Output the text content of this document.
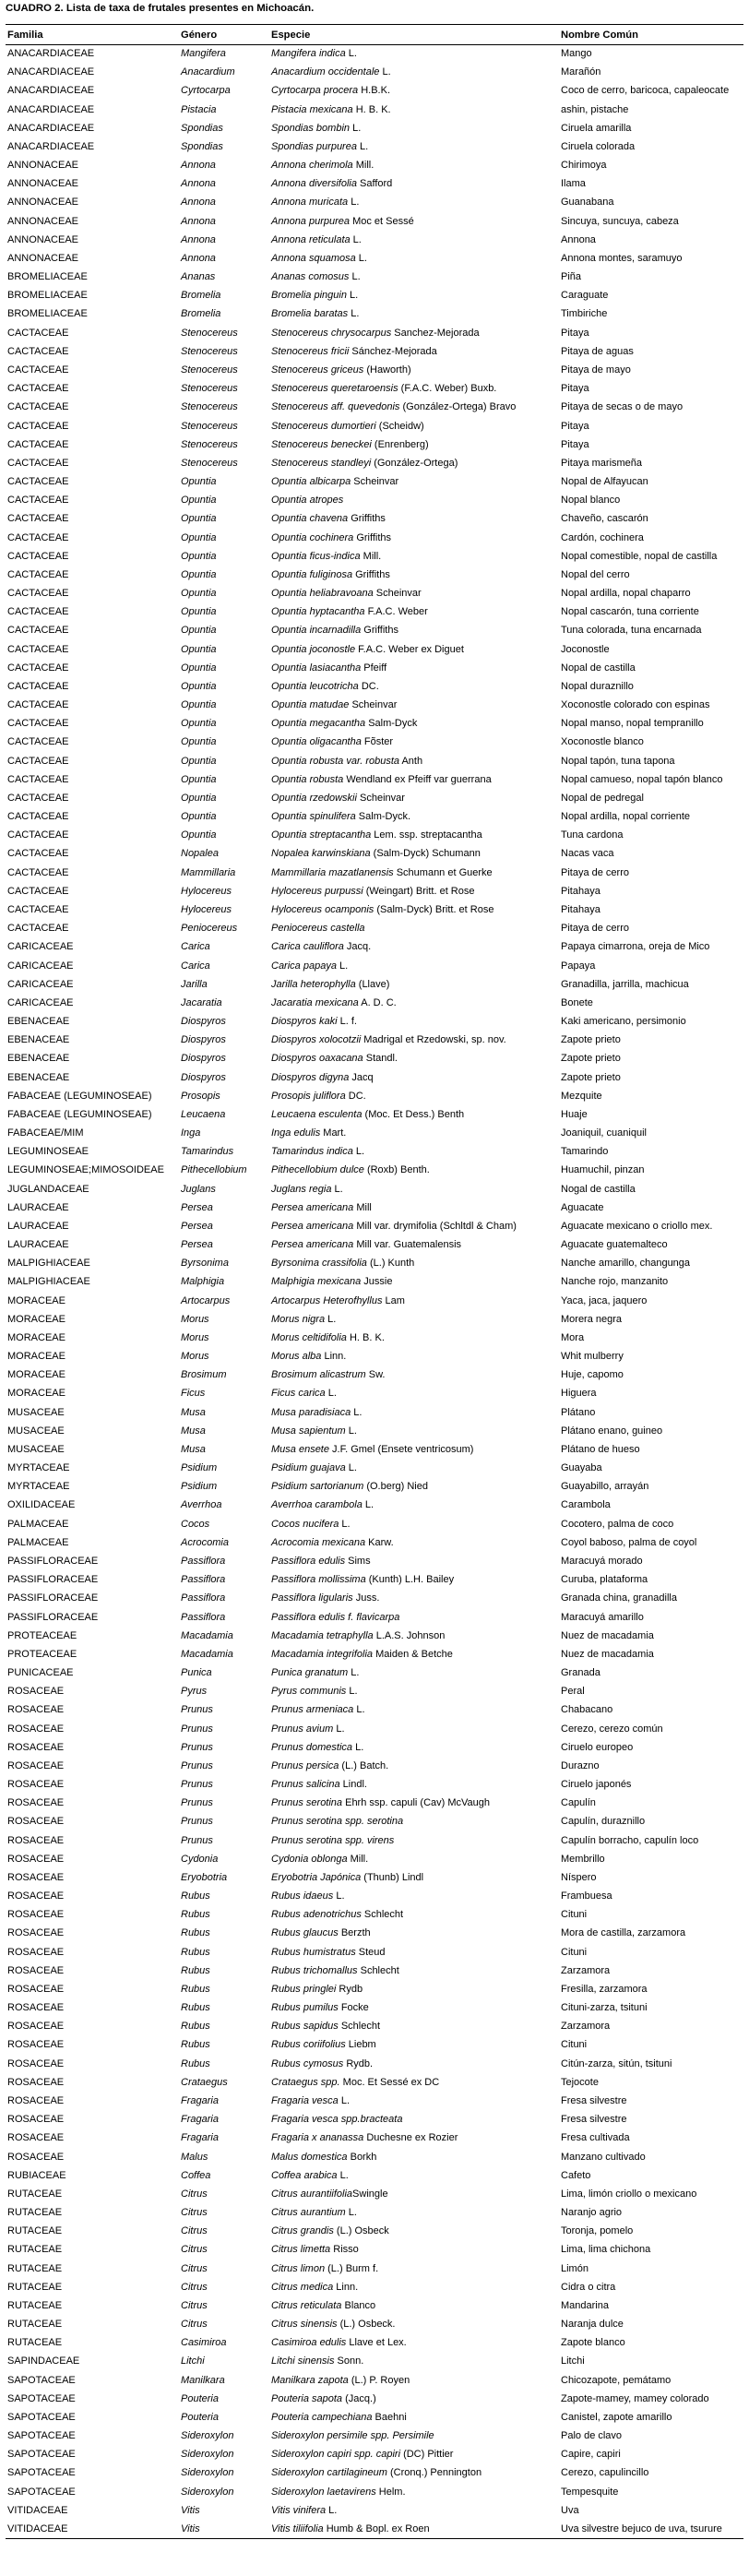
CUADRO 2. Lista de taxa de frutales presentes en Michoacán.
Familia	Género	Especie	Nombre Común
ANACARDIACEAE	Mangifera	Mangifera indica L.	Mango
ANACARDIACEAE	Anacardium	Anacardium occidentale L.	Marañón
ANACARDIACEAE	Cyrtocarpa	Cyrtocarpa procera H.B.K.	Coco de cerro, baricoca, capaleocate
ANACARDIACEAE	Pistacia	Pistacia mexicana H. B. K.	ashin, pistache
ANACARDIACEAE	Spondias	Spondias bombin L.	Ciruela amarilla
ANACARDIACEAE	Spondias	Spondias purpurea L.	Ciruela colorada
ANNONACEAE	Annona	Annona cherimola Mill.	Chirimoya
ANNONACEAE	Annona	Annona diversifolia Safford	Ilama
ANNONACEAE	Annona	Annona muricata L.	Guanabana
ANNONACEAE	Annona	Annona purpurea Moc et Sessé	Sincuya, suncuya, cabeza
ANNONACEAE	Annona	Annona reticulata L.	Annona
ANNONACEAE	Annona	Annona squamosa L.	Annona montes, saramuyo
BROMELIACEAE	Ananas	Ananas comosus L.	Piña
BROMELIACEAE	Bromelia	Bromelia pinguin L.	Caraguate
BROMELIACEAE	Bromelia	Bromelia baratas L.	Timbiriche
CACTACEAE	Stenocereus	Stenocereus chrysocarpus Sanchez-Mejorada	Pitaya
CACTACEAE	Stenocereus	Stenocereus fricii Sánchez-Mejorada	Pitaya de aguas
CACTACEAE	Stenocereus	Stenocereus griceus (Haworth)	Pitaya de mayo
CACTACEAE	Stenocereus	Stenocereus queretaroensis (F.A.C. Weber) Buxb.	Pitaya
CACTACEAE	Stenocereus	Stenocereus aff. quevedonis (González-Ortega) Bravo	Pitaya de secas o de mayo
CACTACEAE	Stenocereus	Stenocereus dumortieri (Scheidw)	Pitaya
CACTACEAE	Stenocereus	Stenocereus beneckei (Enrenberg)	Pitaya
CACTACEAE	Stenocereus	Stenocereus standleyi (González-Ortega)	Pitaya marismeña
CACTACEAE	Opuntia	Opuntia albicarpa Scheinvar	Nopal de Alfayucan
CACTACEAE	Opuntia	Opuntia atropes	Nopal blanco
CACTACEAE	Opuntia	Opuntia chavena Griffiths	Chaveño, cascarón
CACTACEAE	Opuntia	Opuntia cochinera Griffiths	Cardón, cochinera
CACTACEAE	Opuntia	Opuntia ficus-indica Mill.	Nopal comestible, nopal de castilla
CACTACEAE	Opuntia	Opuntia fuliginosa Griffiths	Nopal del cerro
CACTACEAE	Opuntia	Opuntia heliabravoana Scheinvar	Nopal ardilla, nopal chaparro
CACTACEAE	Opuntia	Opuntia hyptacantha F.A.C. Weber	Nopal cascarón, tuna corriente
CACTACEAE	Opuntia	Opuntia incarnadilla Griffiths	Tuna colorada, tuna encarnada
CACTACEAE	Opuntia	Opuntia joconostle F.A.C. Weber ex Diguet	Joconostle
CACTACEAE	Opuntia	Opuntia lasiacantha Pfeiff	Nopal de castilla
CACTACEAE	Opuntia	Opuntia leucotricha DC.	Nopal duraznillo
CACTACEAE	Opuntia	Opuntia matudae Scheinvar	Xoconostle colorado con espinas
CACTACEAE	Opuntia	Opuntia megacantha Salm-Dyck	Nopal manso, nopal tempranillo
CACTACEAE	Opuntia	Opuntia oligacantha Fõster	Xoconostle blanco
CACTACEAE	Opuntia	Opuntia robusta var. robusta Anth	Nopal tapón, tuna tapona
CACTACEAE	Opuntia	Opuntia robusta Wendland ex Pfeiff var guerrana	Nopal camueso, nopal tapón blanco
CACTACEAE	Opuntia	Opuntia rzedowskii Scheinvar	Nopal de pedregal
CACTACEAE	Opuntia	Opuntia spinulifera Salm-Dyck.	Nopal ardilla, nopal corriente
CACTACEAE	Opuntia	Opuntia streptacantha Lem. ssp. streptacantha	Tuna cardona
CACTACEAE	Nopalea	Nopalea karwinskiana (Salm-Dyck) Schumann	Nacas vaca
CACTACEAE	Mammillaria	Mammillaria mazatlanensis Schumann et Guerke	Pitaya de cerro
CACTACEAE	Hylocereus	Hylocereus purpussi (Weingart) Britt. et Rose	Pitahaya
CACTACEAE	Hylocereus	Hylocereus ocamponis (Salm-Dyck) Britt. et Rose	Pitahaya
CACTACEAE	Peniocereus	Peniocereus castella	Pitaya de cerro
CARICACEAE	Carica	Carica cauliflora Jacq.	Papaya cimarrona, oreja de Mico
CARICACEAE	Carica	Carica papaya L.	Papaya
CARICACEAE	Jarilla	Jarilla heterophylla (Llave)	Granadilla, jarrilla, machicua
CARICACEAE	Jacaratia	Jacaratia mexicana A. D. C.	Bonete
EBENACEAE	Diospyros	Diospyros kaki L. f.	Kaki americano, persimonio
EBENACEAE	Diospyros	Diospyros xolocotzii Madrigal et Rzedowski, sp. nov.	Zapote prieto
EBENACEAE	Diospyros	Diospyros oaxacana Standl.	Zapote prieto
EBENACEAE	Diospyros	Diospyros digyna Jacq	Zapote prieto
FABACEAE (LEGUMINOSEAE)	Prosopis	Prosopis juliflora DC.	Mezquite
FABACEAE (LEGUMINOSEAE)	Leucaena	Leucaena esculenta (Moc. Et Dess.) Benth	Huaje
FABACEAE/MIM	Inga	Inga edulis Mart.	Joaniquil, cuaniquil
LEGUMINOSEAE	Tamarindus	Tamarindus indica L.	Tamarindo
LEGUMINOSEAE;MIMOSOIDEAE	Pithecellobium	Pithecellobium dulce (Roxb) Benth.	Huamuchil, pinzan
JUGLANDACEAE	Juglans	Juglans regia L.	Nogal de castilla
LAURACEAE	Persea	Persea americana Mill	Aguacate
LAURACEAE	Persea	Persea americana Mill var. drymifolia (Schltdl & Cham)	Aguacate mexicano o criollo mex.
LAURACEAE	Persea	Persea americana Mill var. Guatemalensis	Aguacate guatemalteco
MALPIGHIACEAE	Byrsonima	Byrsonima crassifolia (L.) Kunth	Nanche amarillo, changunga
MALPIGHIACEAE	Malphigia	Malphigia mexicana Jussie	Nanche rojo, manzanito
MORACEAE	Artocarpus	Artocarpus Heterofhyllus Lam	Yaca, jaca, jaquero
MORACEAE	Morus	Morus nigra L.	Morera negra
MORACEAE	Morus	Morus celtidifolia H. B. K.	Mora
MORACEAE	Morus	Morus alba Linn.	Whit mulberry
MORACEAE	Brosimum	Brosimum alicastrum Sw.	Huje, capomo
MORACEAE	Ficus	Ficus carica L.	Higuera
MUSACEAE	Musa	Musa paradisiaca L.	Plátano
MUSACEAE	Musa	Musa sapientum L.	Plátano enano, guineo
MUSACEAE	Musa	Musa ensete J.F. Gmel (Ensete ventricosum)	Plátano de hueso
MYRTACEAE	Psidium	Psidium guajava L.	Guayaba
MYRTACEAE	Psidium	Psidium sartorianum (O.berg) Nied	Guayabillo, arrayán
OXILIDACEAE	Averrhoa	Averrhoa carambola L.	Carambola
PALMACEAE	Cocos	Cocos nucifera L.	Cocotero, palma de coco
PALMACEAE	Acrocomia	Acrocomia mexicana Karw.	Coyol baboso, palma de coyol
PASSIFLORACEAE	Passiflora	Passiflora edulis Sims	Maracuyá morado
PASSIFLORACEAE	Passiflora	Passiflora mollissima (Kunth) L.H. Bailey	Curuba, plataforma
PASSIFLORACEAE	Passiflora	Passiflora ligularis Juss.	Granada china, granadilla
PASSIFLORACEAE	Passiflora	Passiflora edulis f. flavicarpa	Maracuyá amarillo
PROTEACEAE	Macadamia	Macadamia tetraphylla L.A.S. Johnson	Nuez de macadamia
PROTEACEAE	Macadamia	Macadamia integrifolia Maiden & Betche	Nuez de macadamia
PUNICACEAE	Punica	Punica granatum L.	Granada
ROSACEAE	Pyrus	Pyrus communis L.	Peral
ROSACEAE	Prunus	Prunus armeniaca L.	Chabacano
ROSACEAE	Prunus	Prunus avium L.	Cerezo, cerezo común
ROSACEAE	Prunus	Prunus domestica L.	Ciruelo europeo
ROSACEAE	Prunus	Prunus persica (L.) Batch.	Durazno
ROSACEAE	Prunus	Prunus salicina Lindl.	Ciruelo japonés
ROSACEAE	Prunus	Prunus serotina Ehrh ssp. capuli (Cav) McVaugh	Capulín
ROSACEAE	Prunus	Prunus serotina spp. serotina	Capulín, duraznillo
ROSACEAE	Prunus	Prunus serotina spp. virens	Capulín borracho, capulín loco
ROSACEAE	Cydonia	Cydonia oblonga Mill.	Membrillo
ROSACEAE	Eryobotria	Eryobotria Japónica (Thunb) Lindl	Níspero
ROSACEAE	Rubus	Rubus idaeus L.	Frambuesa
ROSACEAE	Rubus	Rubus adenotrichus Schlecht	Cituni
ROSACEAE	Rubus	Rubus glaucus Berzth	Mora de castilla, zarzamora
ROSACEAE	Rubus	Rubus humistratus Steud	Cituni
ROSACEAE	Rubus	Rubus trichomallus Schlecht	Zarzamora
ROSACEAE	Rubus	Rubus pringlei Rydb	Fresilla, zarzamora
ROSACEAE	Rubus	Rubus pumilus Focke	Cituni-zarza, tsituni
ROSACEAE	Rubus	Rubus sapidus Schlecht	Zarzamora
ROSACEAE	Rubus	Rubus coriifolius Liebm	Cituni
ROSACEAE	Rubus	Rubus cymosus Rydb.	Citún-zarza, sitún, tsituni
ROSACEAE	Crataegus	Crataegus spp. Moc. Et Sessé ex DC	Tejocote
ROSACEAE	Fragaria	Fragaria vesca L.	Fresa silvestre
ROSACEAE	Fragaria	Fragaria vesca spp.bracteata	Fresa silvestre
ROSACEAE	Fragaria	Fragaria x ananassa Duchesne ex Rozier	Fresa cultivada
ROSACEAE	Malus	Malus domestica Borkh	Manzano cultivado
RUBIACEAE	Coffea	Coffea arabica L.	Cafeto
RUTACEAE	Citrus	Citrus aurantiifoliaSwingle	Lima, limón criollo o mexicano
RUTACEAE	Citrus	Citrus aurantium L.	Naranjo agrio
RUTACEAE	Citrus	Citrus grandis (L.) Osbeck	Toronja, pomelo
RUTACEAE	Citrus	Citrus limetta Risso	Lima, lima chichona
RUTACEAE	Citrus	Citrus limon (L.) Burm f.	Limón
RUTACEAE	Citrus	Citrus medica Linn.	Cidra o citra
RUTACEAE	Citrus	Citrus reticulata Blanco	Mandarina
RUTACEAE	Citrus	Citrus sinensis (L.) Osbeck.	Naranja dulce
RUTACEAE	Casimiroa	Casimiroa edulis Llave et Lex.	Zapote blanco
SAPINDACEAE	Litchi	Litchi sinensis Sonn.	Litchi
SAPOTACEAE	Manilkara	Manilkara zapota (L.) P. Royen	Chicozapote, pemátamo
SAPOTACEAE	Pouteria	Pouteria sapota (Jacq.)	Zapote-mamey, mamey colorado
SAPOTACEAE	Pouteria	Pouteria campechiana Baehni	Canistel, zapote amarillo
SAPOTACEAE	Sideroxylon	Sideroxylon persimile spp. Persimile	Palo de clavo
SAPOTACEAE	Sideroxylon	Sideroxylon capiri spp. capiri (DC) Pittier	Capire, capiri
SAPOTACEAE	Sideroxylon	Sideroxylon cartilagineum (Cronq.) Pennington	Cerezo, capulincillo
SAPOTACEAE	Sideroxylon	Sideroxylon laetavirens Helm.	Tempesquite
VITIDACEAE	Vitis	Vitis vinifera L.	Uva
VITIDACEAE	Vitis	Vitis tiliifolia Humb & Bopl. ex Roen	Uva silvestre bejuco de uva, tsurure
